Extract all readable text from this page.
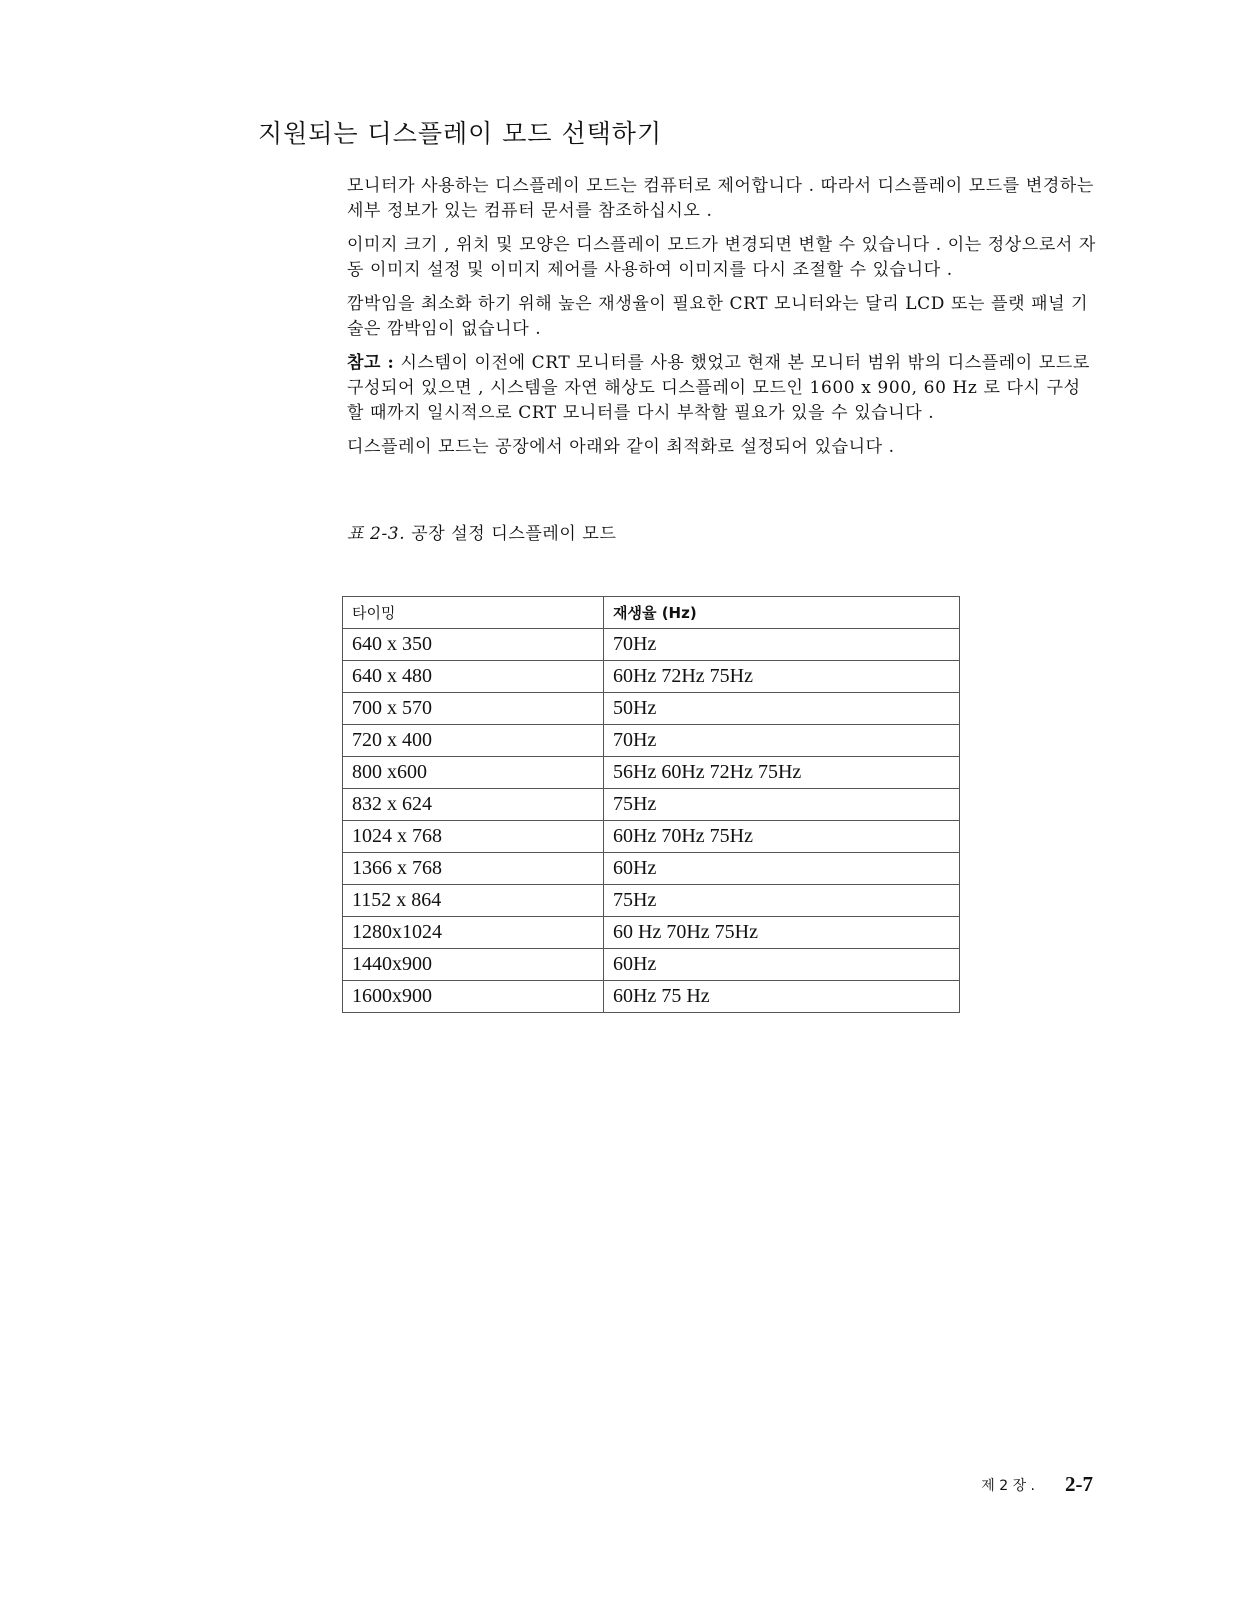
지원되는 디스플레이 모드 선택하기

모니터가 사용하는 디스플레이 모드는 컴퓨터로 제어합니다 . 따라서 디스플레이 모드를 변경하는 세부 정보가 있는 컴퓨터 문서를 참조하십시오 .

이미지 크기 , 위치 및 모양은 디스플레이 모드가 변경되면 변할 수 있습니다 . 이는 정상으로서 자동 이미지 설정 및 이미지 제어를 사용하여 이미지를 다시 조절할 수 있습니다 .

깜박임을 최소화 하기 위해 높은 재생율이 필요한 CRT 모니터와는 달리 LCD 또는 플랫 패널 기술은 깜박임이 없습니다 .

참고 : 시스템이 이전에 CRT 모니터를 사용 했었고 현재 본 모니터 범위 밖의 디스플레이 모드로 구성되어 있으면 , 시스템을 자연 해상도 디스플레이 모드인 1600 x 900, 60 Hz 로 다시 구성할 때까지 일시적으로 CRT 모니터를 다시 부착할 필요가 있을 수 있습니다 .

디스플레이 모드는 공장에서 아래와 같이 최적화로 설정되어 있습니다 .

표 2-3. 공장 설정 디스플레이 모드
타이밍	재생율 (Hz)
640 x 350	70Hz
640 x 480	60Hz 72Hz 75Hz
700 x 570	50Hz
720 x 400	70Hz
800 x600	56Hz 60Hz 72Hz 75Hz
832 x 624	75Hz
1024 x 768	60Hz 70Hz 75Hz
1366 x 768	60Hz
1152 x 864	75Hz
1280x1024	60 Hz 70Hz 75Hz
1440x900	60Hz
1600x900	60Hz 75 Hz
제 2 장 . 2-7
